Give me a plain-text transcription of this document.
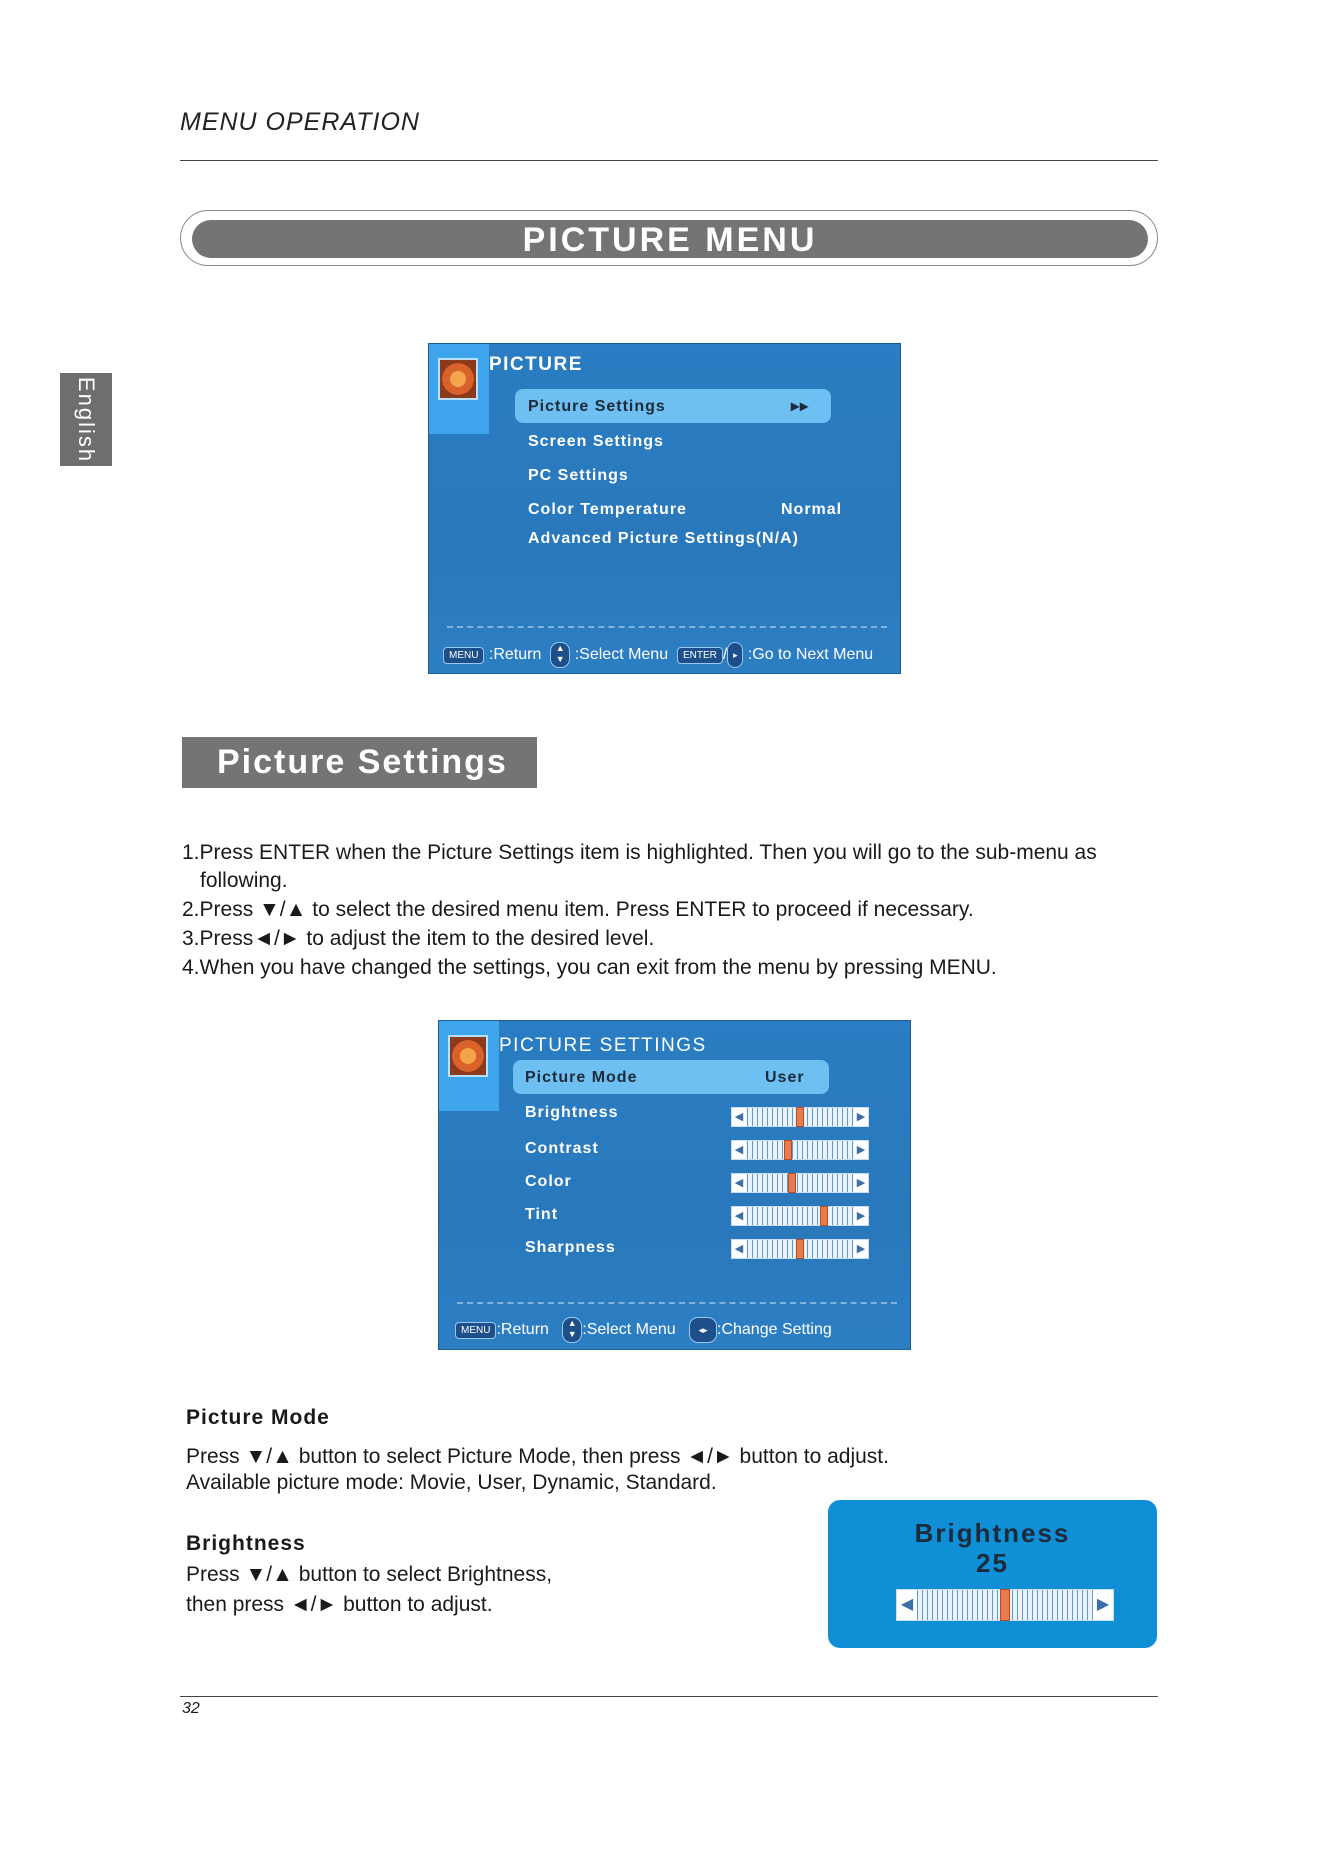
MENU OPERATION
PICTURE MENU
English
PICTURE
Picture Settings	▸▸
Screen Settings
PC Settings
Color Temperature	Normal
Advanced Picture Settings(N/A)
MENU :Return ▲
▼ :Select Menu ENTER / ▸ :Go to Next Menu
Picture Settings
1.Press ENTER when the Picture Settings item is highlighted. Then you will go to the sub-menu as
following.
2.Press ▼/▲ to select the desired menu item. Press ENTER to proceed if necessary.
3.Press◄/► to adjust the item to the desired level.
4.When you have changed the settings, you can exit from the menu by pressing MENU.
PICTURE SETTINGS
Picture Mode	User
Brightness	◀	▶
Contrast	◀	▶
Color	◀	▶
Tint	◀	▶
Sharpness	◀	▶
MENU :Return ▲
▼ :Select Menu	◂▸ :Change Setting
Picture Mode
Press ▼/▲ button to select Picture Mode, then press ◄/► button to adjust.
Available picture mode: Movie, User, Dynamic, Standard.
Brightness
Press ▼/▲ button to select Brightness,
then press ◄/► button to adjust.
Brightness
25
◀	▶
32
